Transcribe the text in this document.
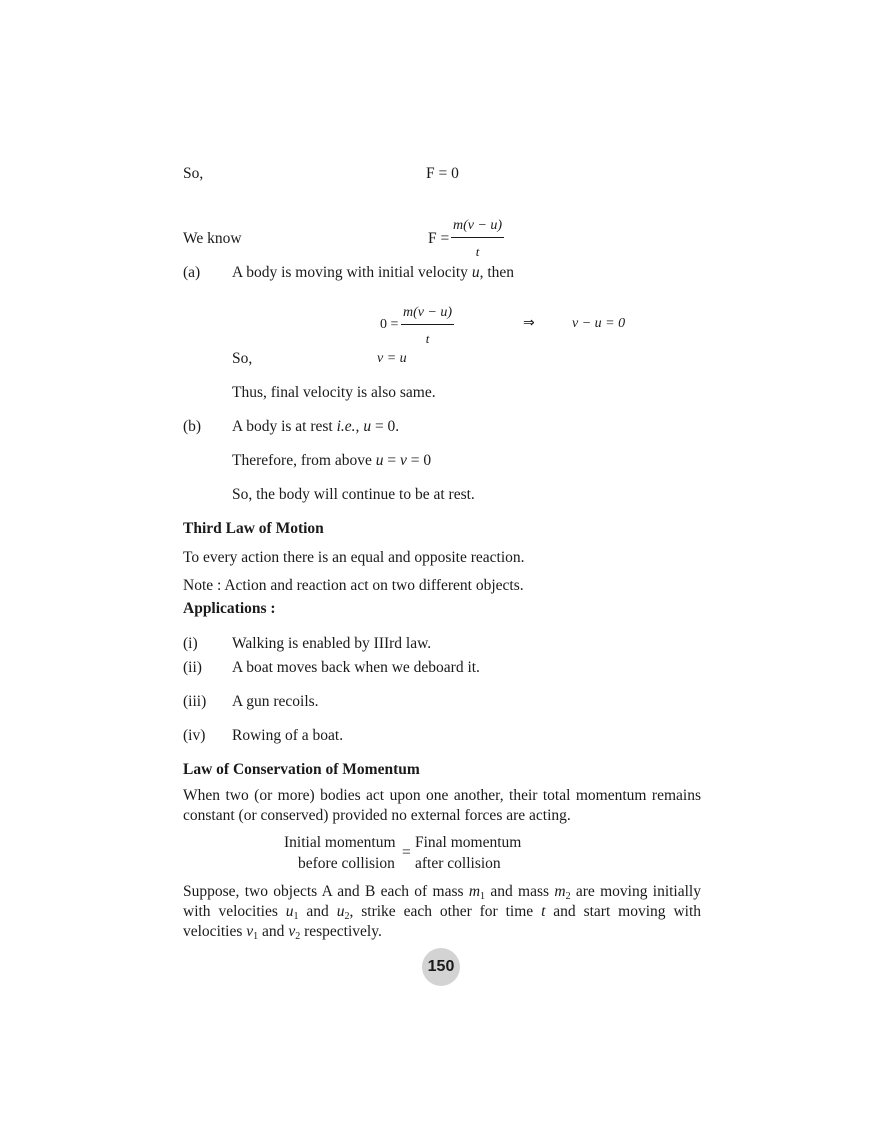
So,	F = 0
We know	$F = \frac{m(v - u)}{t}$
(a) A body is moving with initial velocity u, then
$0 = \frac{m(v - u)}{t}$	⇒	v − u = 0
So,	v = u
Thus, final velocity is also same.
(b) A body is at rest i.e., u = 0.
Therefore, from above u = v = 0
So, the body will continue to be at rest.
Third Law of Motion
To every action there is an equal and opposite reaction.
Note : Action and reaction act on two different objects.
Applications :
(i) Walking is enabled by IIIrd law.
(ii) A boat moves back when we deboard it.
(iii) A gun recoils.
(iv) Rowing of a boat.
Law of Conservation of Momentum
When two (or more) bodies act upon one another, their total momentum remains constant (or conserved) provided no external forces are acting.
Initial momentum
before collision
=
Final momentum
after collision
Suppose, two objects A and B each of mass $m_1$ and mass $m_2$ are moving initially with velocities $u_1$ and $u_2$, strike each other for time t and start moving with velocities $v_1$ and $v_2$ respectively.
150
